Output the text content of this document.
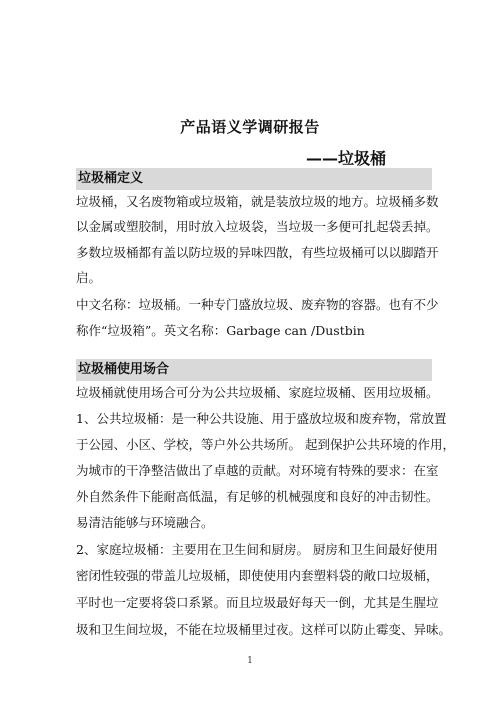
产品语义学调研报告
——垃圾桶
垃圾桶定义
垃圾桶，又名废物箱或垃圾箱，就是装放垃圾的地方。垃圾桶多数
以金属或塑胶制，用时放入垃圾袋，当垃圾一多便可扎起袋丢掉。
多数垃圾桶都有盖以防垃圾的异味四散，有些垃圾桶可以以脚踏开
启。
中文名称：垃圾桶。一种专门盛放垃圾、废弃物的容器。也有不少
称作“垃圾箱”。英文名称：Garbage can /Dustbin
垃圾桶使用场合
垃圾桶就使用场合可分为公共垃圾桶、家庭垃圾桶、医用垃圾桶。
1、公共垃圾桶：是一种公共设施、用于盛放垃圾和废弃物，常放置
于公园、小区、学校，等户外公共场所。 起到保护公共环境的作用，
为城市的干净整洁做出了卓越的贡献。对环境有特殊的要求：在室
外自然条件下能耐高低温，有足够的机械强度和良好的冲击韧性。
易清洁能够与环境融合。
2、家庭垃圾桶：主要用在卫生间和厨房。 厨房和卫生间最好使用
密闭性较强的带盖儿垃圾桶，即使使用内套塑料袋的敞口垃圾桶，
平时也一定要将袋口系紧。而且垃圾最好每天一倒，尤其是生腥垃
圾和卫生间垃圾，不能在垃圾桶里过夜。这样可以防止霉变、异味。
1
